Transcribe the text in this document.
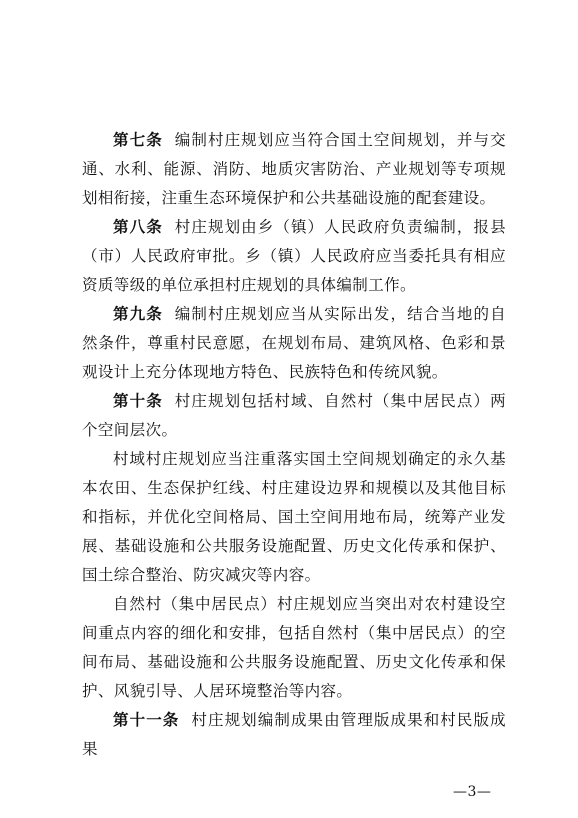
第七条 编制村庄规划应当符合国土空间规划，并与交通、水利、能源、消防、地质灾害防治、产业规划等专项规划相衔接，注重生态环境保护和公共基础设施的配套建设。

第八条 村庄规划由乡（镇）人民政府负责编制，报县（市）人民政府审批。乡（镇）人民政府应当委托具有相应资质等级的单位承担村庄规划的具体编制工作。

第九条 编制村庄规划应当从实际出发，结合当地的自然条件，尊重村民意愿，在规划布局、建筑风格、色彩和景观设计上充分体现地方特色、民族特色和传统风貌。

第十条 村庄规划包括村域、自然村（集中居民点）两个空间层次。

村域村庄规划应当注重落实国土空间规划确定的永久基本农田、生态保护红线、村庄建设边界和规模以及其他目标和指标，并优化空间格局、国土空间用地布局，统筹产业发展、基础设施和公共服务设施配置、历史文化传承和保护、国土综合整治、防灾减灾等内容。

自然村（集中居民点）村庄规划应当突出对农村建设空间重点内容的细化和安排，包括自然村（集中居民点）的空间布局、基础设施和公共服务设施配置、历史文化传承和保护、风貌引导、人居环境整治等内容。

第十一条 村庄规划编制成果由管理版成果和村民版成果

—3—
